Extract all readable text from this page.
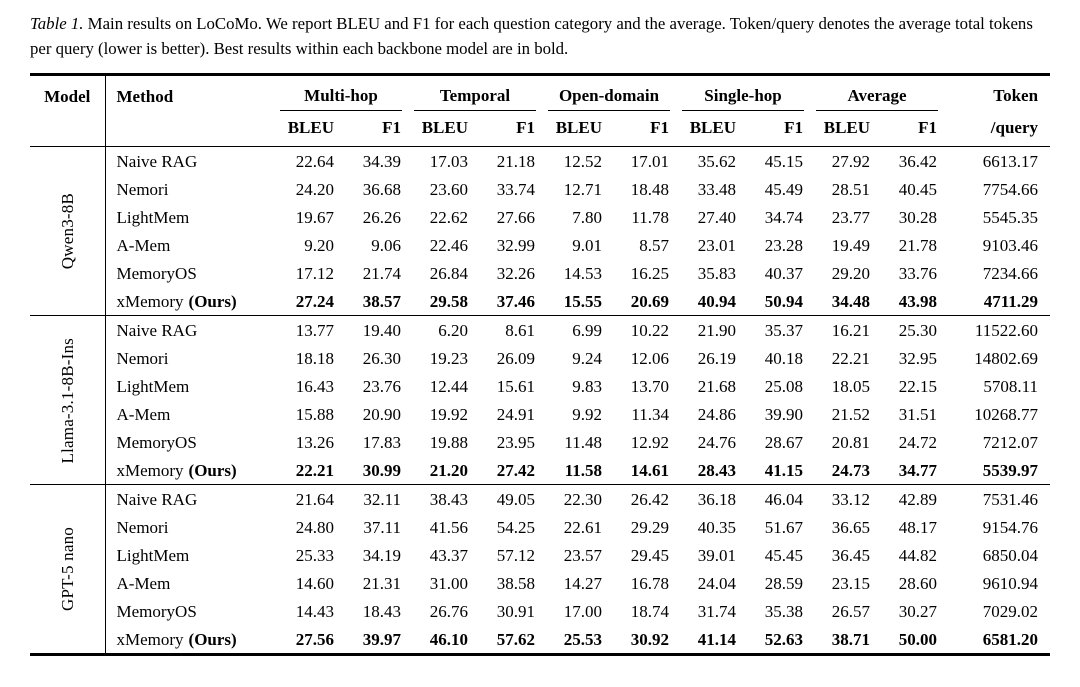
Table 1. Main results on LoCoMo. We report BLEU and F1 for each question category and the average. Token/query denotes the average total tokens per query (lower is better). Best results within each backbone model are in bold.
Model	Method	Multi-hop		Temporal		Open-domain		Single-hop		Average		Token
		BLEU	F1	BLEU	F1	BLEU	F1	BLEU	F1	BLEU	F1	/query

Qwen3-8B	Naive RAG	22.64	34.39	17.03	21.18	12.52	17.01	35.62	45.15	27.92	36.42	6613.17
	Nemori	24.20	36.68	23.60	33.74	12.71	18.48	33.48	45.49	28.51	40.45	7754.66
	LightMem	19.67	26.26	22.62	27.66	7.80	11.78	27.40	34.74	23.77	30.28	5545.35
	A-Mem	9.20	9.06	22.46	32.99	9.01	8.57	23.01	23.28	19.49	21.78	9103.46
	MemoryOS	17.12	21.74	26.84	32.26	14.53	16.25	35.83	40.37	29.20	33.76	7234.66
	xMemory (Ours)	27.24	38.57	29.58	37.46	15.55	20.69	40.94	50.94	34.48	43.98	4711.29

Llama-3.1-8B-Ins	Naive RAG	13.77	19.40	6.20	8.61	6.99	10.22	21.90	35.37	16.21	25.30	11522.60
	Nemori	18.18	26.30	19.23	26.09	9.24	12.06	26.19	40.18	22.21	32.95	14802.69
	LightMem	16.43	23.76	12.44	15.61	9.83	13.70	21.68	25.08	18.05	22.15	5708.11
	A-Mem	15.88	20.90	19.92	24.91	9.92	11.34	24.86	39.90	21.52	31.51	10268.77
	MemoryOS	13.26	17.83	19.88	23.95	11.48	12.92	24.76	28.67	20.81	24.72	7212.07
	xMemory (Ours)	22.21	30.99	21.20	27.42	11.58	14.61	28.43	41.15	24.73	34.77	5539.97

GPT-5 nano	Naive RAG	21.64	32.11	38.43	49.05	22.30	26.42	36.18	46.04	33.12	42.89	7531.46
	Nemori	24.80	37.11	41.56	54.25	22.61	29.29	40.35	51.67	36.65	48.17	9154.76
	LightMem	25.33	34.19	43.37	57.12	23.57	29.45	39.01	45.45	36.45	44.82	6850.04
	A-Mem	14.60	21.31	31.00	38.58	14.27	16.78	24.04	28.59	23.15	28.60	9610.94
	MemoryOS	14.43	18.43	26.76	30.91	17.00	18.74	31.74	35.38	26.57	30.27	7029.02
	xMemory (Ours)	27.56	39.97	46.10	57.62	25.53	30.92	41.14	52.63	38.71	50.00	6581.20
